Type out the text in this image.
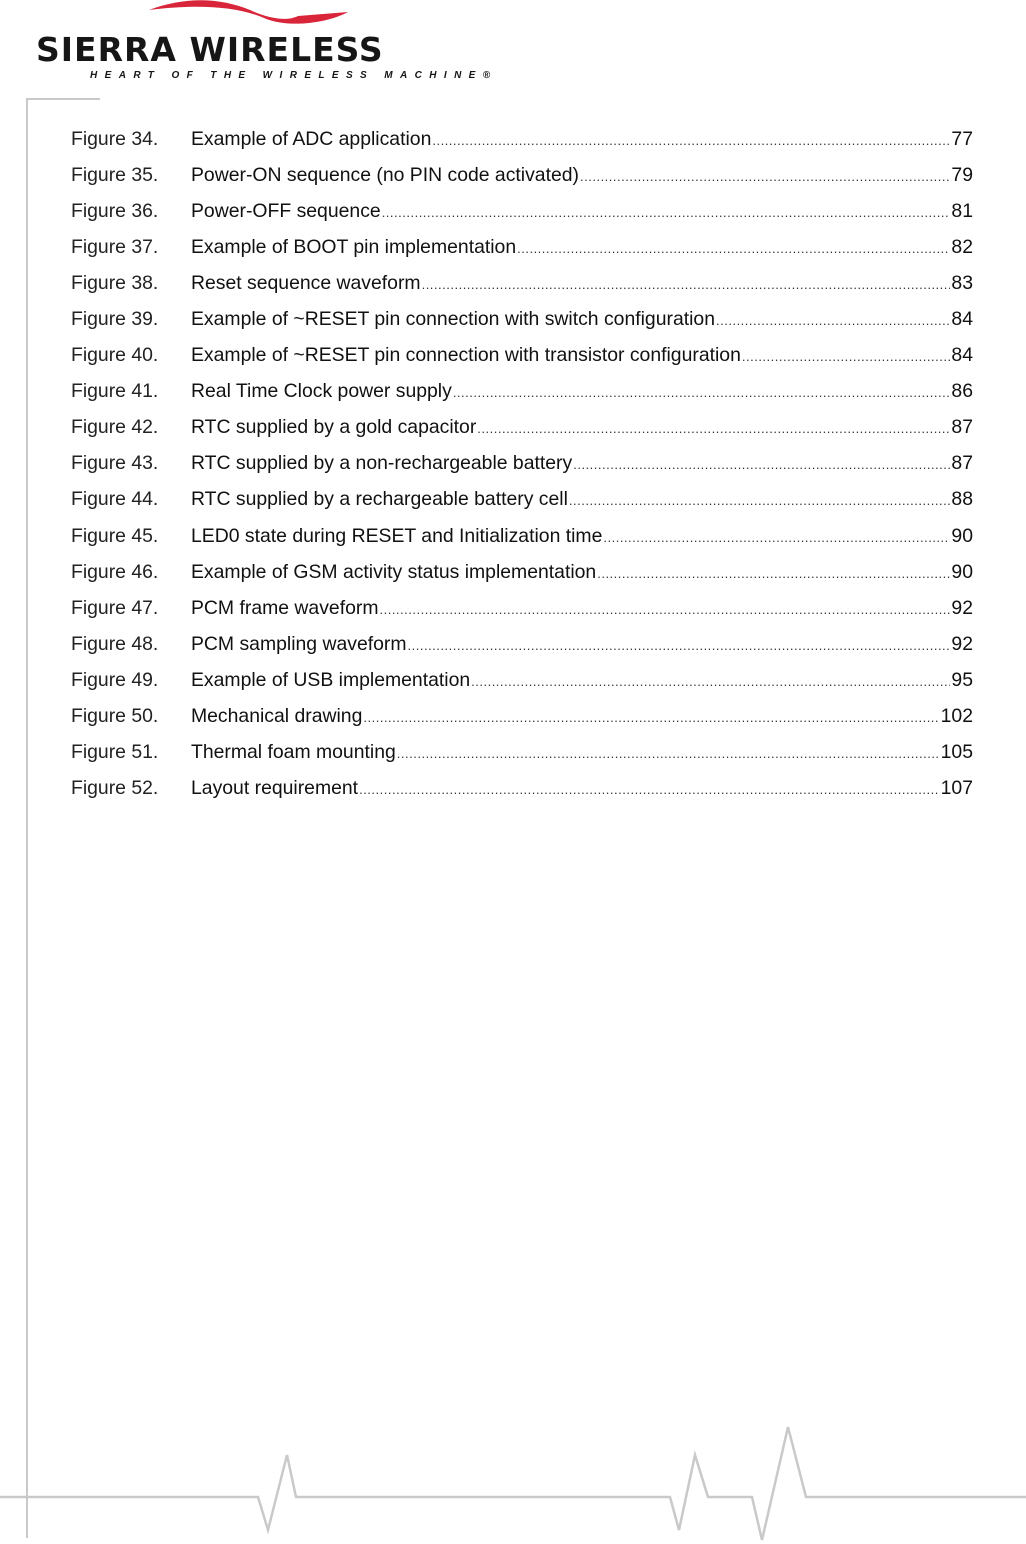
SIERRA WIRELESS
HEART OF THE WIRELESS MACHINE®
Figure 34.	Example of ADC application .....	77
Figure 35.	Power-ON sequence (no PIN code activated) .....	79
Figure 36.	Power-OFF sequence .....	81
Figure 37.	Example of BOOT pin implementation .....	82
Figure 38.	Reset sequence waveform .....	83
Figure 39.	Example of ~RESET pin connection with switch configuration .....	84
Figure 40.	Example of ~RESET pin connection with transistor configuration .....	84
Figure 41.	Real Time Clock power supply .....	86
Figure 42.	RTC supplied by a gold capacitor .....	87
Figure 43.	RTC supplied by a non-rechargeable battery .....	87
Figure 44.	RTC supplied by a rechargeable battery cell .....	88
Figure 45.	LED0 state during RESET and Initialization time .....	90
Figure 46.	Example of GSM activity status implementation .....	90
Figure 47.	PCM frame waveform .....	92
Figure 48.	PCM sampling waveform .....	92
Figure 49.	Example of USB implementation .....	95
Figure 50.	Mechanical drawing .....	102
Figure 51.	Thermal foam mounting .....	105
Figure 52.	Layout requirement .....	107
